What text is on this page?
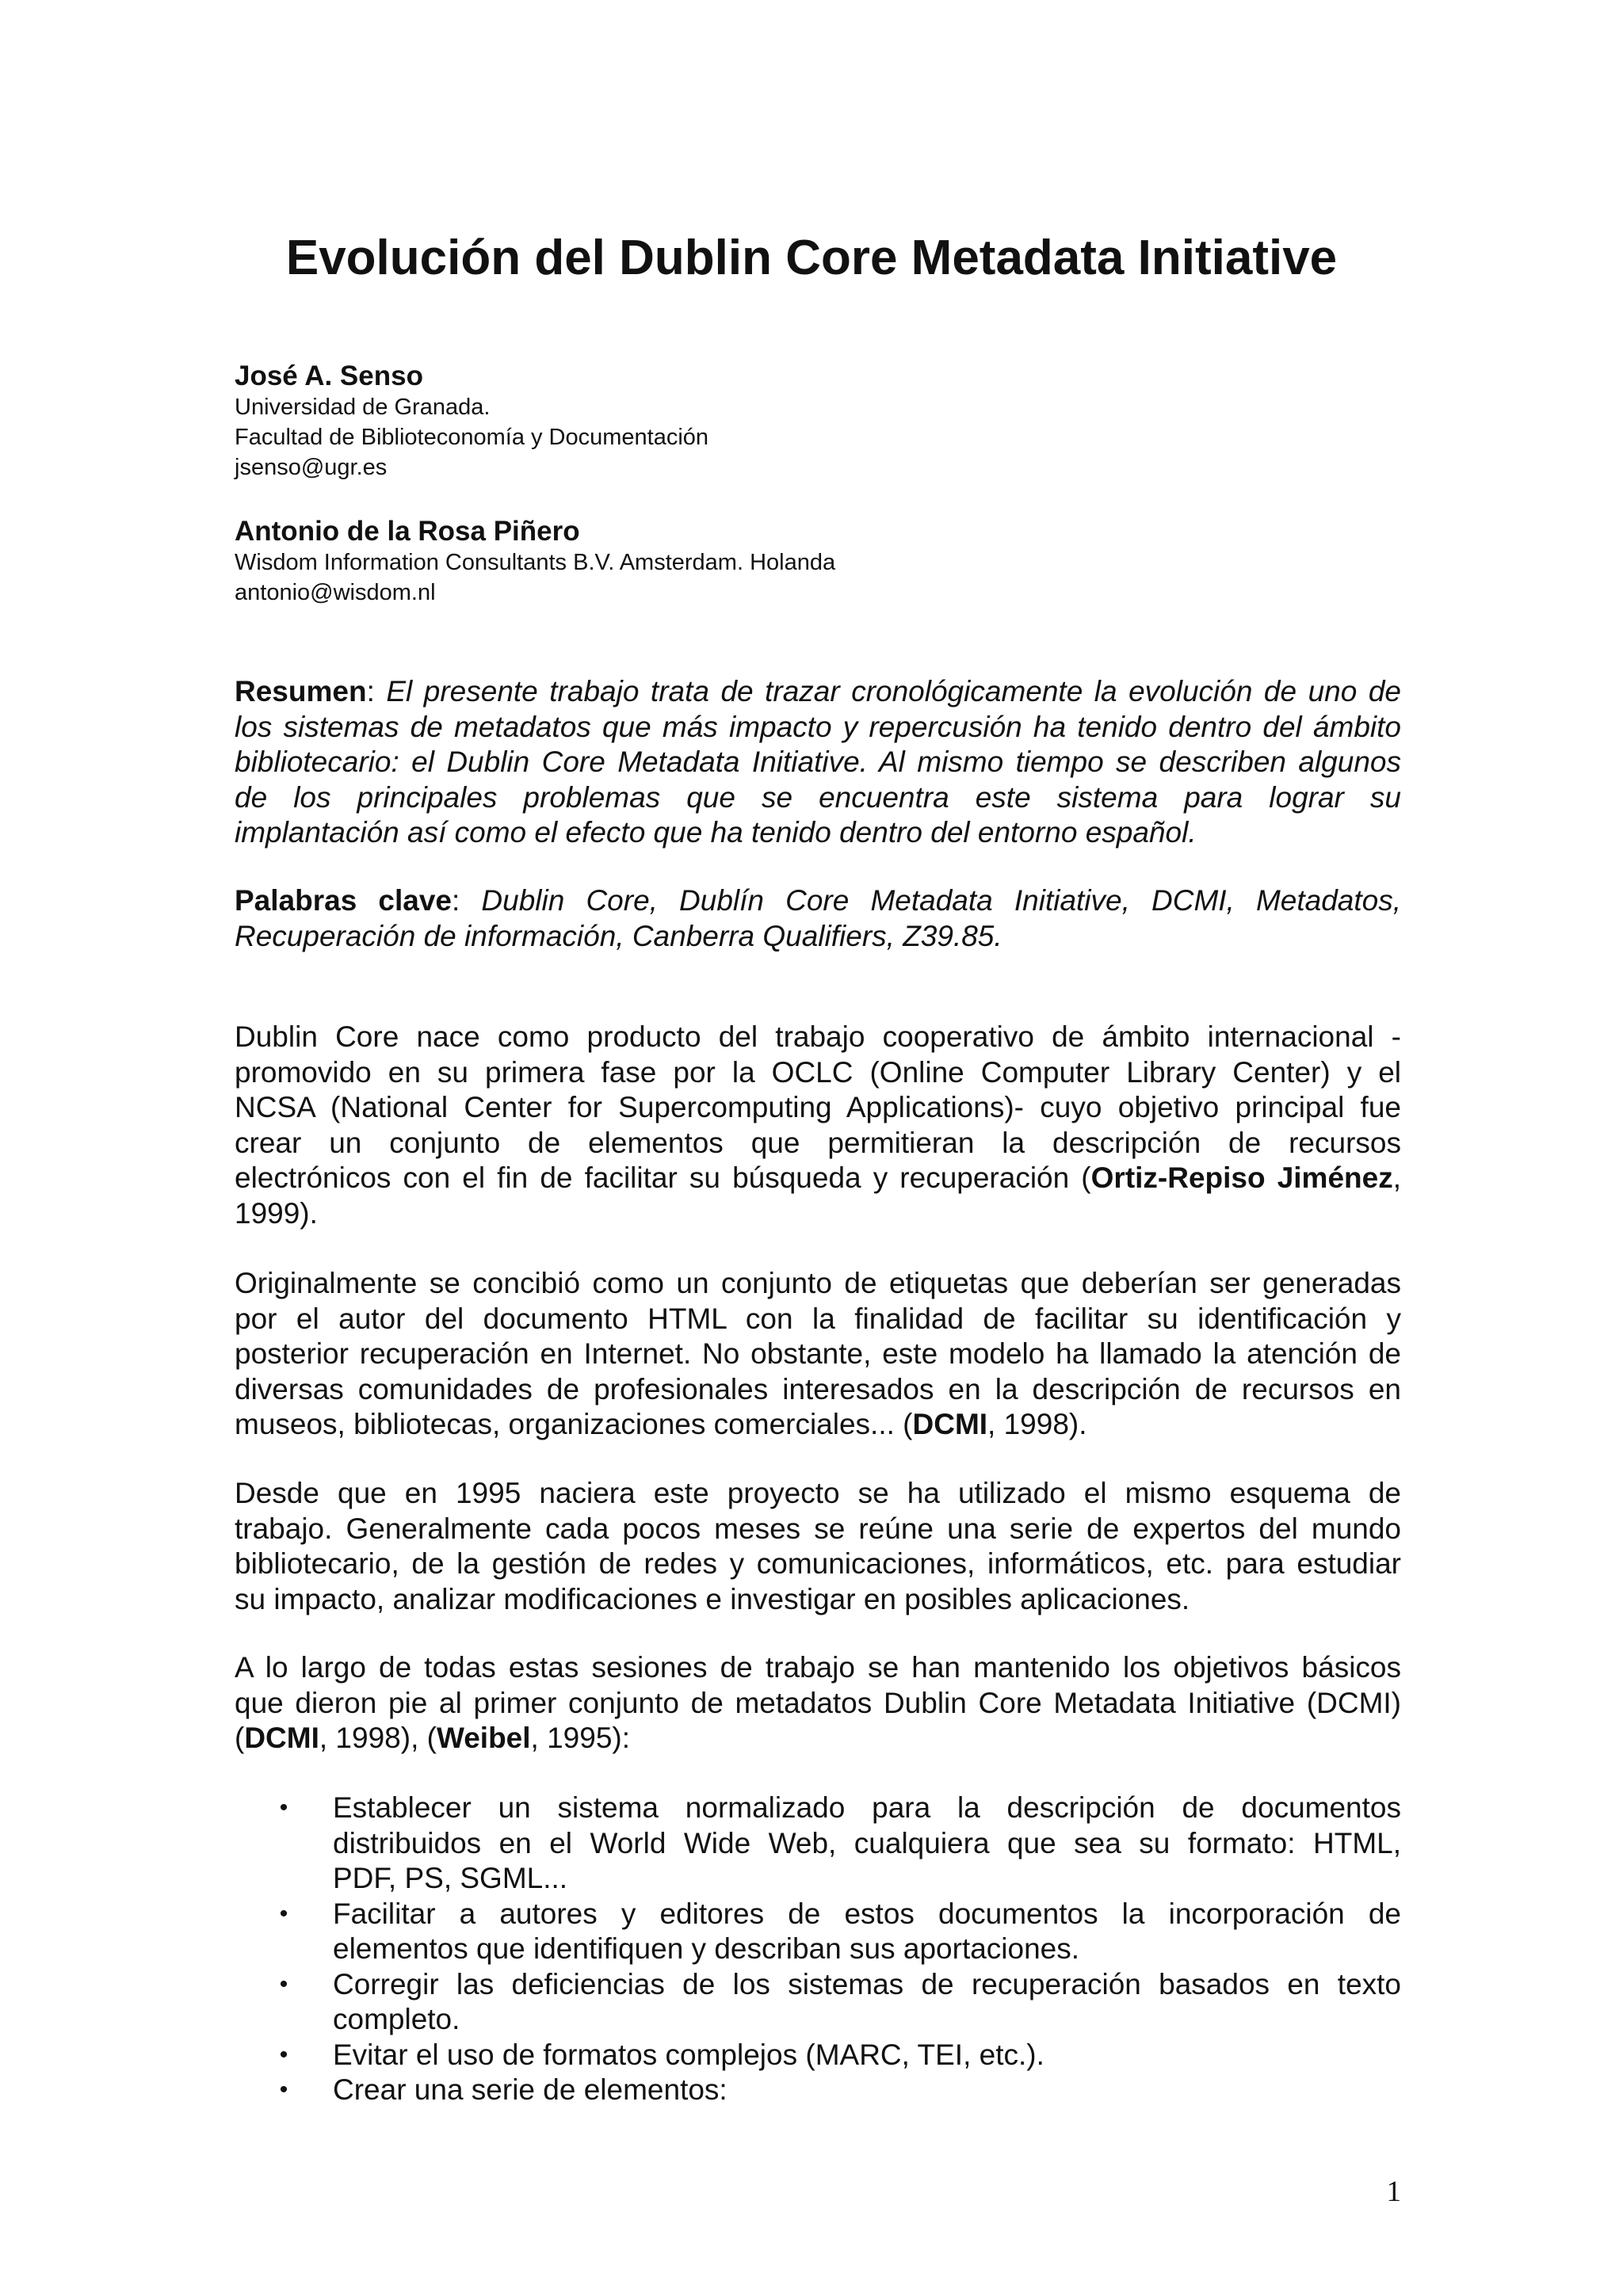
Evolución del Dublin Core Metadata Initiative
José A. Senso
Universidad de Granada.
Facultad de Biblioteconomía y Documentación
jsenso@ugr.es
Antonio de la Rosa Piñero
Wisdom Information Consultants B.V. Amsterdam. Holanda
antonio@wisdom.nl
Resumen: El presente trabajo trata de trazar cronológicamente la evolución de uno de
los sistemas de metadatos que más impacto y repercusión ha tenido dentro del ámbito
bibliotecario: el Dublin Core Metadata Initiative. Al mismo tiempo se describen algunos
de los principales problemas que se encuentra este sistema para lograr su
implantación así como el efecto que ha tenido dentro del entorno español.
Palabras clave: Dublin Core, Dublín Core Metadata Initiative, DCMI, Metadatos,
Recuperación de información, Canberra Qualifiers, Z39.85.
Dublin Core nace como producto del trabajo cooperativo de ámbito internacional -
promovido en su primera fase por la OCLC (Online Computer Library Center) y el
NCSA (National Center for Supercomputing Applications)- cuyo objetivo principal fue
crear un conjunto de elementos que permitieran la descripción de recursos
electrónicos con el fin de facilitar su búsqueda y recuperación (Ortiz-Repiso Jiménez,
1999).
Originalmente se concibió como un conjunto de etiquetas que deberían ser generadas
por el autor del documento HTML con la finalidad de facilitar su identificación y
posterior recuperación en Internet. No obstante, este modelo ha llamado la atención de
diversas comunidades de profesionales interesados en la descripción de recursos en
museos, bibliotecas, organizaciones comerciales... (DCMI, 1998).
Desde que en 1995 naciera este proyecto se ha utilizado el mismo esquema de
trabajo. Generalmente cada pocos meses se reúne una serie de expertos del mundo
bibliotecario, de la gestión de redes y comunicaciones, informáticos, etc. para estudiar
su impacto, analizar modificaciones e investigar en posibles aplicaciones.
A lo largo de todas estas sesiones de trabajo se han mantenido los objetivos básicos
que dieron pie al primer conjunto de metadatos Dublin Core Metadata Initiative (DCMI)
(DCMI, 1998), (Weibel, 1995):
• Establecer un sistema normalizado para la descripción de documentos
distribuidos en el World Wide Web, cualquiera que sea su formato: HTML,
PDF, PS, SGML...
• Facilitar a autores y editores de estos documentos la incorporación de
elementos que identifiquen y describan sus aportaciones.
• Corregir las deficiencias de los sistemas de recuperación basados en texto
completo.
• Evitar el uso de formatos complejos (MARC, TEI, etc.).
• Crear una serie de elementos:
1
